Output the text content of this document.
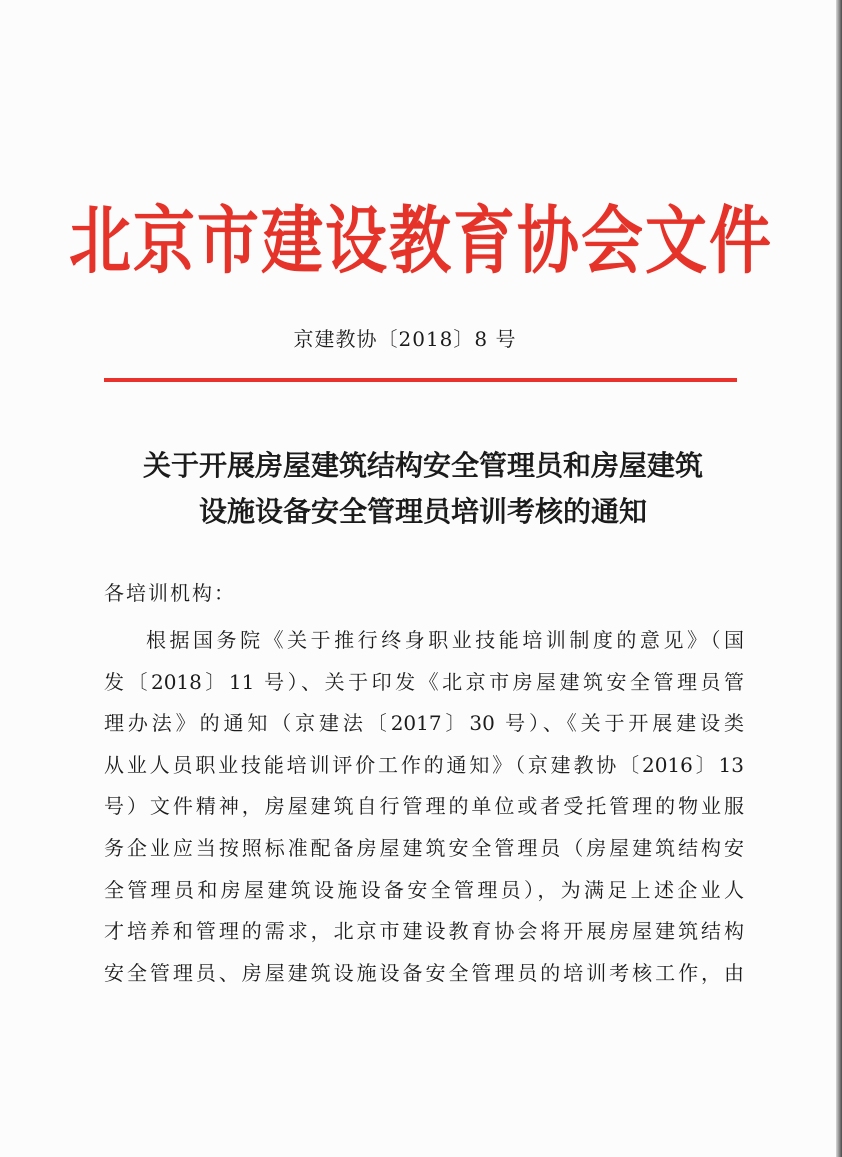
北京市建设教育协会文件
京建教协〔2018〕8 号
关于开展房屋建筑结构安全管理员和房屋建筑
设施设备安全管理员培训考核的通知
各培训机构：
根据国务院《关于推行终身职业技能培训制度的意见》（国
发〔2018〕11 号）、关于印发《北京市房屋建筑安全管理员管
理办法》的通知（京建法〔2017〕30 号）、《关于开展建设类
从业人员职业技能培训评价工作的通知》（京建教协〔2016〕13
号）文件精神，房屋建筑自行管理的单位或者受托管理的物业服
务企业应当按照标准配备房屋建筑安全管理员（房屋建筑结构安
全管理员和房屋建筑设施设备安全管理员），为满足上述企业人
才培养和管理的需求，北京市建设教育协会将开展房屋建筑结构
安全管理员、房屋建筑设施设备安全管理员的培训考核工作，由
